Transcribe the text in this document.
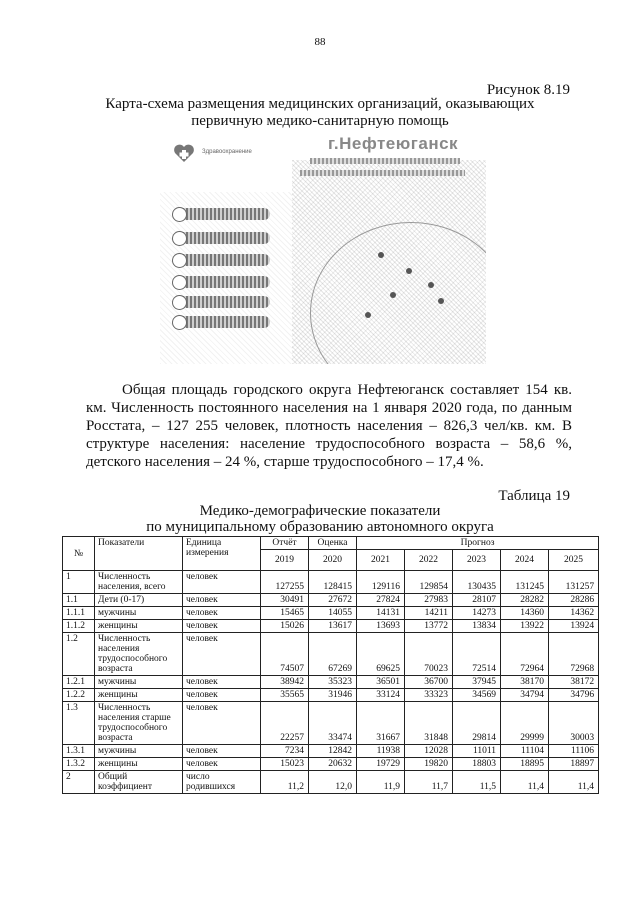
88
Рисунок 8.19
Карта-схема размещения медицинских организаций, оказывающих
первичную медико-санитарную помощь
Здравоохранение	г.Нефтеюганск
Общая площадь городского округа Нефтеюганск составляет 154 кв. км. Численность постоянного населения на 1 января 2020 года, по данным Росстата, – 127 255 человек, плотность населения – 826,3 чел/кв. км. В структуре населения: население трудоспособного возраста – 58,6 %, детского населения – 24 %, старше трудоспособного – 17,4 %.
Таблица 19
Медико-демографические показатели
по муниципальному образованию автономного округа
№	Показатели	Единица измерения	Отчёт	Оценка	Прогноз				
			2019	2020	2021	2022	2023	2024	2025
1	Численность населения, всего	человек	127255	128415	129116	129854	130435	131245	131257
1.1	Дети (0-17)	человек	30491	27672	27824	27983	28107	28282	28286
1.1.1	мужчины	человек	15465	14055	14131	14211	14273	14360	14362
1.1.2	женщины	человек	15026	13617	13693	13772	13834	13922	13924
1.2	Численность населения трудоспособного возраста	человек	74507	67269	69625	70023	72514	72964	72968
1.2.1	мужчины	человек	38942	35323	36501	36700	37945	38170	38172
1.2.2	женщины	человек	35565	31946	33124	33323	34569	34794	34796
1.3	Численность населения старше трудоспособного возраста	человек	22257	33474	31667	31848	29814	29999	30003
1.3.1	мужчины	человек	7234	12842	11938	12028	11011	11104	11106
1.3.2	женщины	человек	15023	20632	19729	19820	18803	18895	18897
2	Общий коэффициент	число родившихся	11,2	12,0	11,9	11,7	11,5	11,4	11,4
